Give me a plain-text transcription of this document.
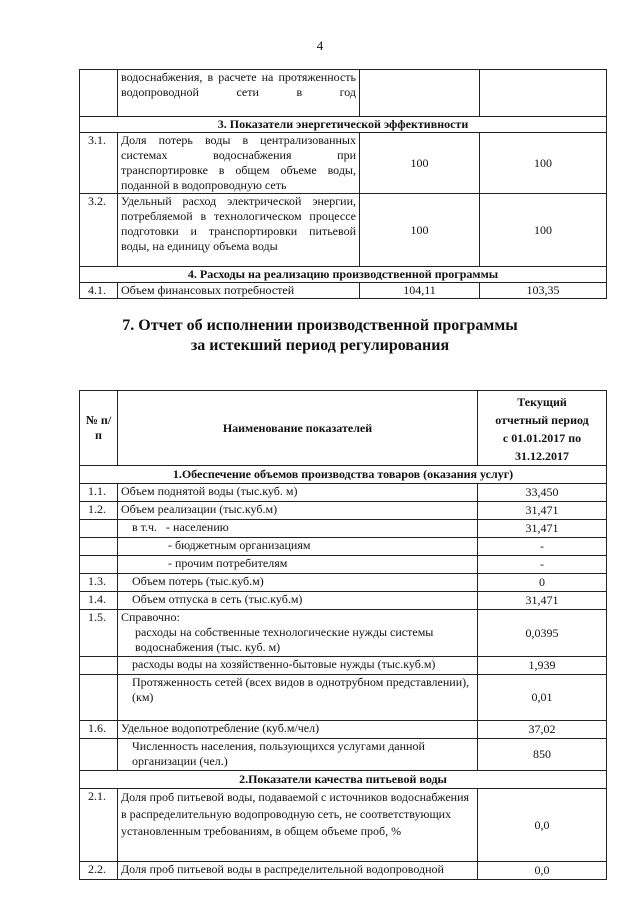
4
	водоснабжения, в расчете на протяженность водопроводной сети в год		
3. Показатели энергетической эффективности			
3.1.	Доля потерь воды в централизованных системах водоснабжения при транспортировке в общем объеме воды, поданной в водопроводную сеть	100	100
3.2.	Удельный расход электрической энергии, потребляемой в технологическом процессе подготовки и транспортировки питьевой воды, на единицу объема воды	100	100
4. Расходы на реализацию производственной программы			
4.1.	Объем финансовых потребностей	104,11	103,35
7. Отчет об исполнении производственной программы
за истекший период регулирования
№ п/п	Наименование показателей	Текущий
отчетный период
с 01.01.2017 по
31.12.2017

1.Обеспечение объемов производства товаров (оказания услуг)		
1.1.	Объем поднятой воды (тыс.куб. м)	33,450
1.2.	Объем реализации (тыс.куб.м)	31,471
	в т.ч.   - населению	31,471
	- бюджетным организациям	-
	- прочим потребителям	-
1.3.	Объем потерь (тыс.куб.м)	0
1.4.	Объем отпуска в сеть (тыс.куб.м)	31,471
1.5.	Справочно:
расходы на собственные технологические нужды системы водоснабжения (тыс. куб. м)	0,0395
	расходы воды на хозяйственно-бытовые нужды (тыс.куб.м)	1,939
	Протяженность сетей (всех видов в однотрубном представлении), (км)	0,01
1.6.	Удельное водопотребление (куб.м/чел)	37,02
	Численность населения, пользующихся услугами данной организации (чел.)	850
2.Показатели качества питьевой воды		
2.1.	Доля проб питьевой воды, подаваемой с источников водоснабжения в распределительную водопроводную сеть, не соответствующих установленным требованиям, в общем объеме проб, %	0,0
2.2.	Доля проб питьевой воды в распределительной водопроводной	0,0
